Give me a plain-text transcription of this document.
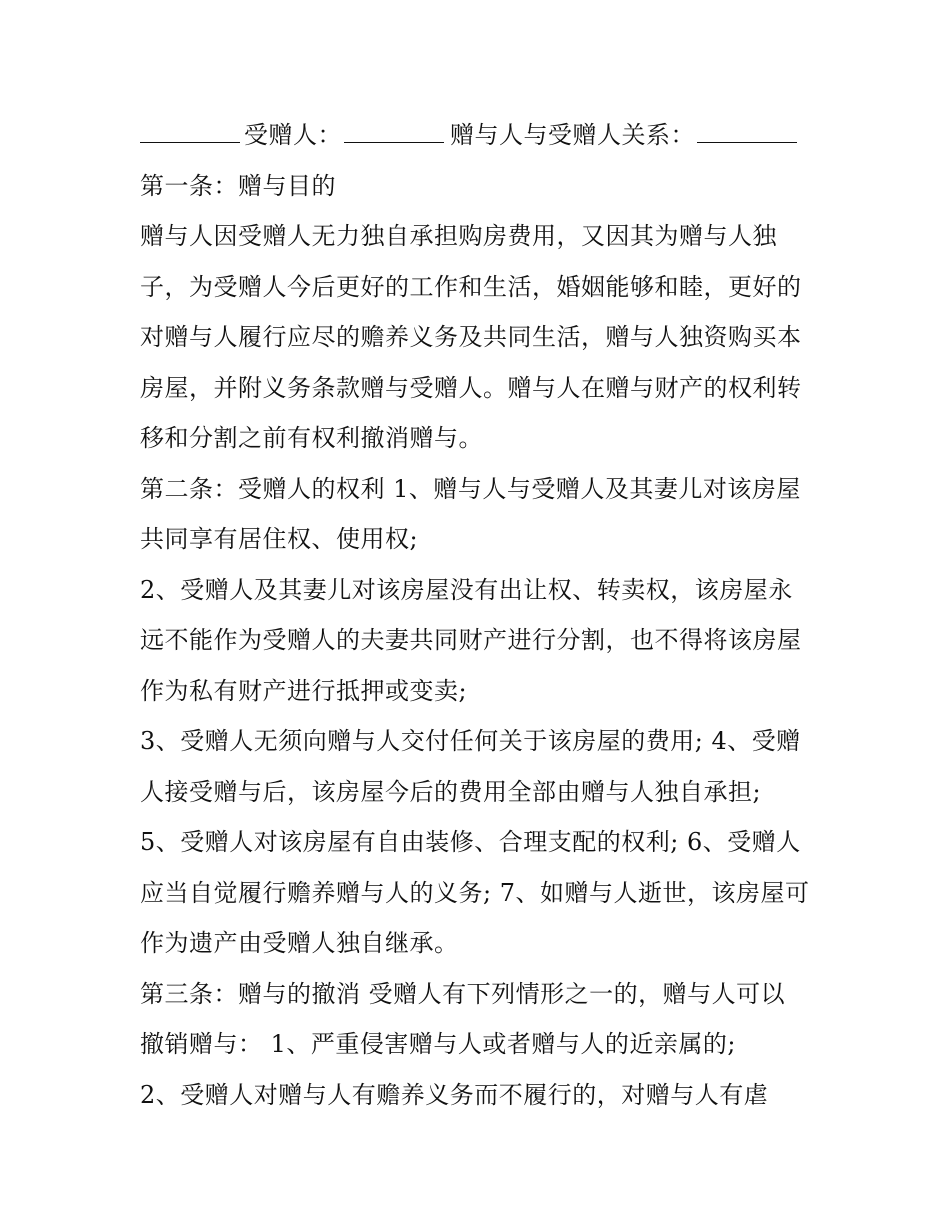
受赠人：	赠与人与受赠人关系：
第一条：赠与目的
赠与人因受赠人无力独自承担购房费用，又因其为赠与人独
子，为受赠人今后更好的工作和生活，婚姻能够和睦，更好的
对赠与人履行应尽的赡养义务及共同生活，赠与人独资购买本
房屋，并附义务条款赠与受赠人。赠与人在赠与财产的权利转
移和分割之前有权利撤消赠与。
第二条：受赠人的权利 1、赠与人与受赠人及其妻儿对该房屋
共同享有居住权、使用权;
2、受赠人及其妻儿对该房屋没有出让权、转卖权，该房屋永
远不能作为受赠人的夫妻共同财产进行分割，也不得将该房屋
作为私有财产进行抵押或变卖;
3、受赠人无须向赠与人交付任何关于该房屋的费用; 4、受赠
人接受赠与后，该房屋今后的费用全部由赠与人独自承担;
5、受赠人对该房屋有自由装修、合理支配的权利; 6、受赠人
应当自觉履行赡养赠与人的义务; 7、如赠与人逝世，该房屋可
作为遗产由受赠人独自继承。
第三条：赠与的撤消 受赠人有下列情形之一的，赠与人可以
撤销赠与： 1、严重侵害赠与人或者赠与人的近亲属的;
2、受赠人对赠与人有赡养义务而不履行的，对赠与人有虐
